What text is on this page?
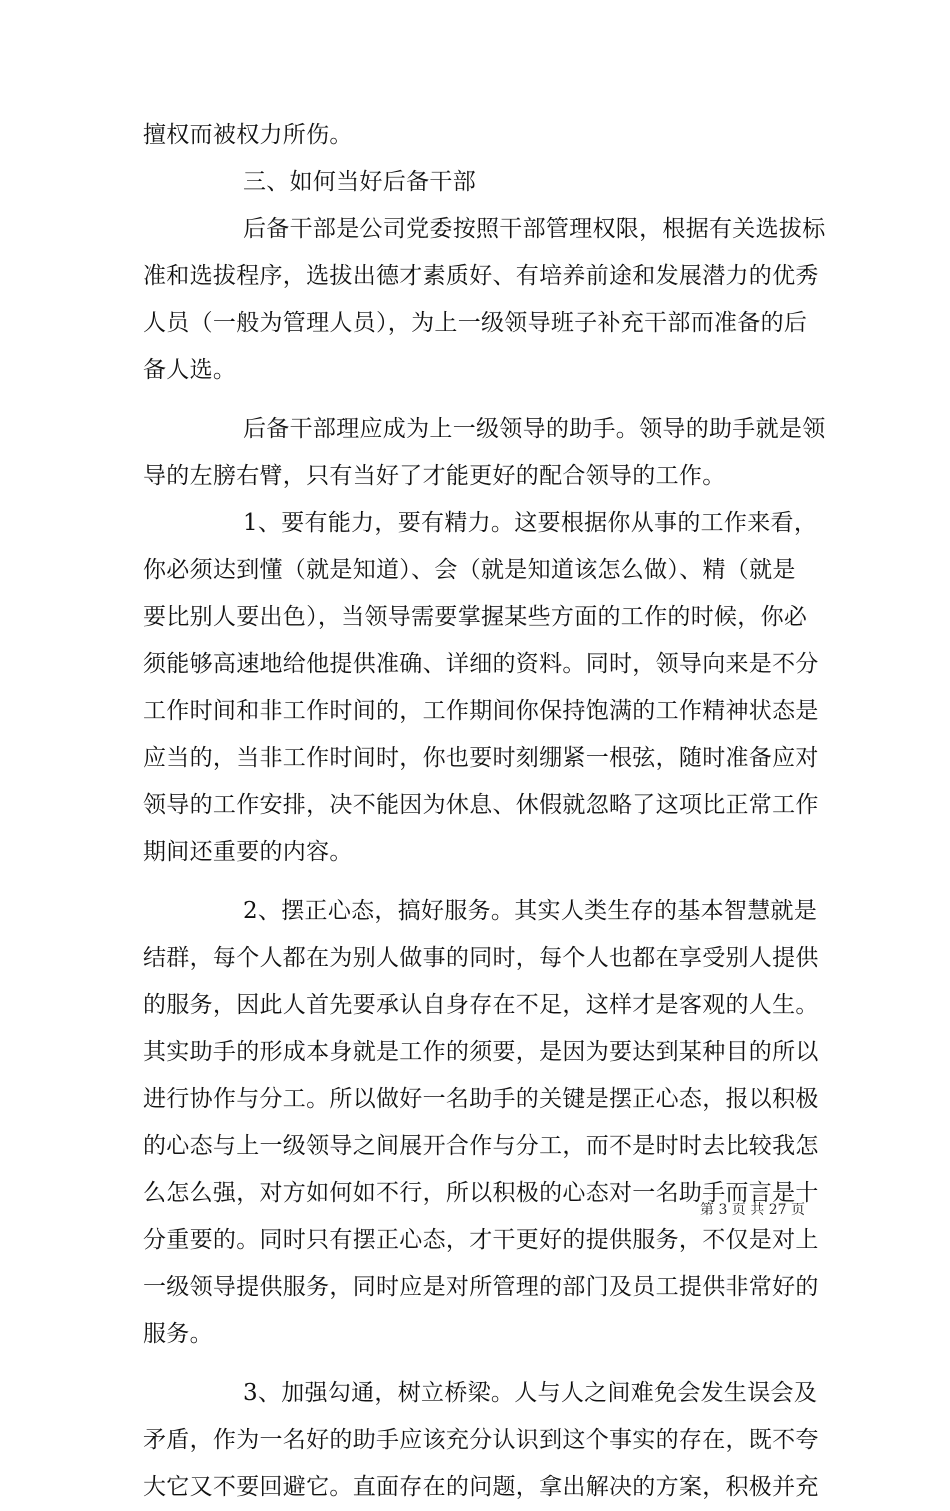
擅权而被权力所伤。
三、如何当好后备干部
后备干部是公司党委按照干部管理权限，根据有关选拔标
准和选拔程序，选拔出德才素质好、有培养前途和发展潜力的优秀
人员（一般为管理人员），为上一级领导班子补充干部而准备的后
备人选。
后备干部理应成为上一级领导的助手。领导的助手就是领
导的左膀右臂，只有当好了才能更好的配合领导的工作。
1、要有能力，要有精力。这要根据你从事的工作来看，
你必须达到懂（就是知道）、会（就是知道该怎么做）、精（就是
要比别人要出色），当领导需要掌握某些方面的工作的时候，你必
须能够高速地给他提供准确、详细的资料。同时，领导向来是不分
工作时间和非工作时间的，工作期间你保持饱满的工作精神状态是
应当的，当非工作时间时，你也要时刻绷紧一根弦，随时准备应对
领导的工作安排，决不能因为休息、休假就忽略了这项比正常工作
期间还重要的内容。
2、摆正心态，搞好服务。其实人类生存的基本智慧就是
结群，每个人都在为别人做事的同时，每个人也都在享受别人提供
的服务，因此人首先要承认自身存在不足，这样才是客观的人生。
其实助手的形成本身就是工作的须要，是因为要达到某种目的所以
进行协作与分工。所以做好一名助手的关键是摆正心态，报以积极
的心态与上一级领导之间展开合作与分工，而不是时时去比较我怎
么怎么强，对方如何如不行，所以积极的心态对一名助手而言是十
分重要的。同时只有摆正心态，才干更好的提供服务，不仅是对上
一级领导提供服务，同时应是对所管理的部门及员工提供非常好的
服务。
3、加强勾通，树立桥梁。人与人之间难免会发生误会及
矛盾，作为一名好的助手应该充分认识到这个事实的存在，既不夸
大它又不要回避它。直面存在的问题，拿出解决的方案，积极并充
第 3 页 共 27 页
